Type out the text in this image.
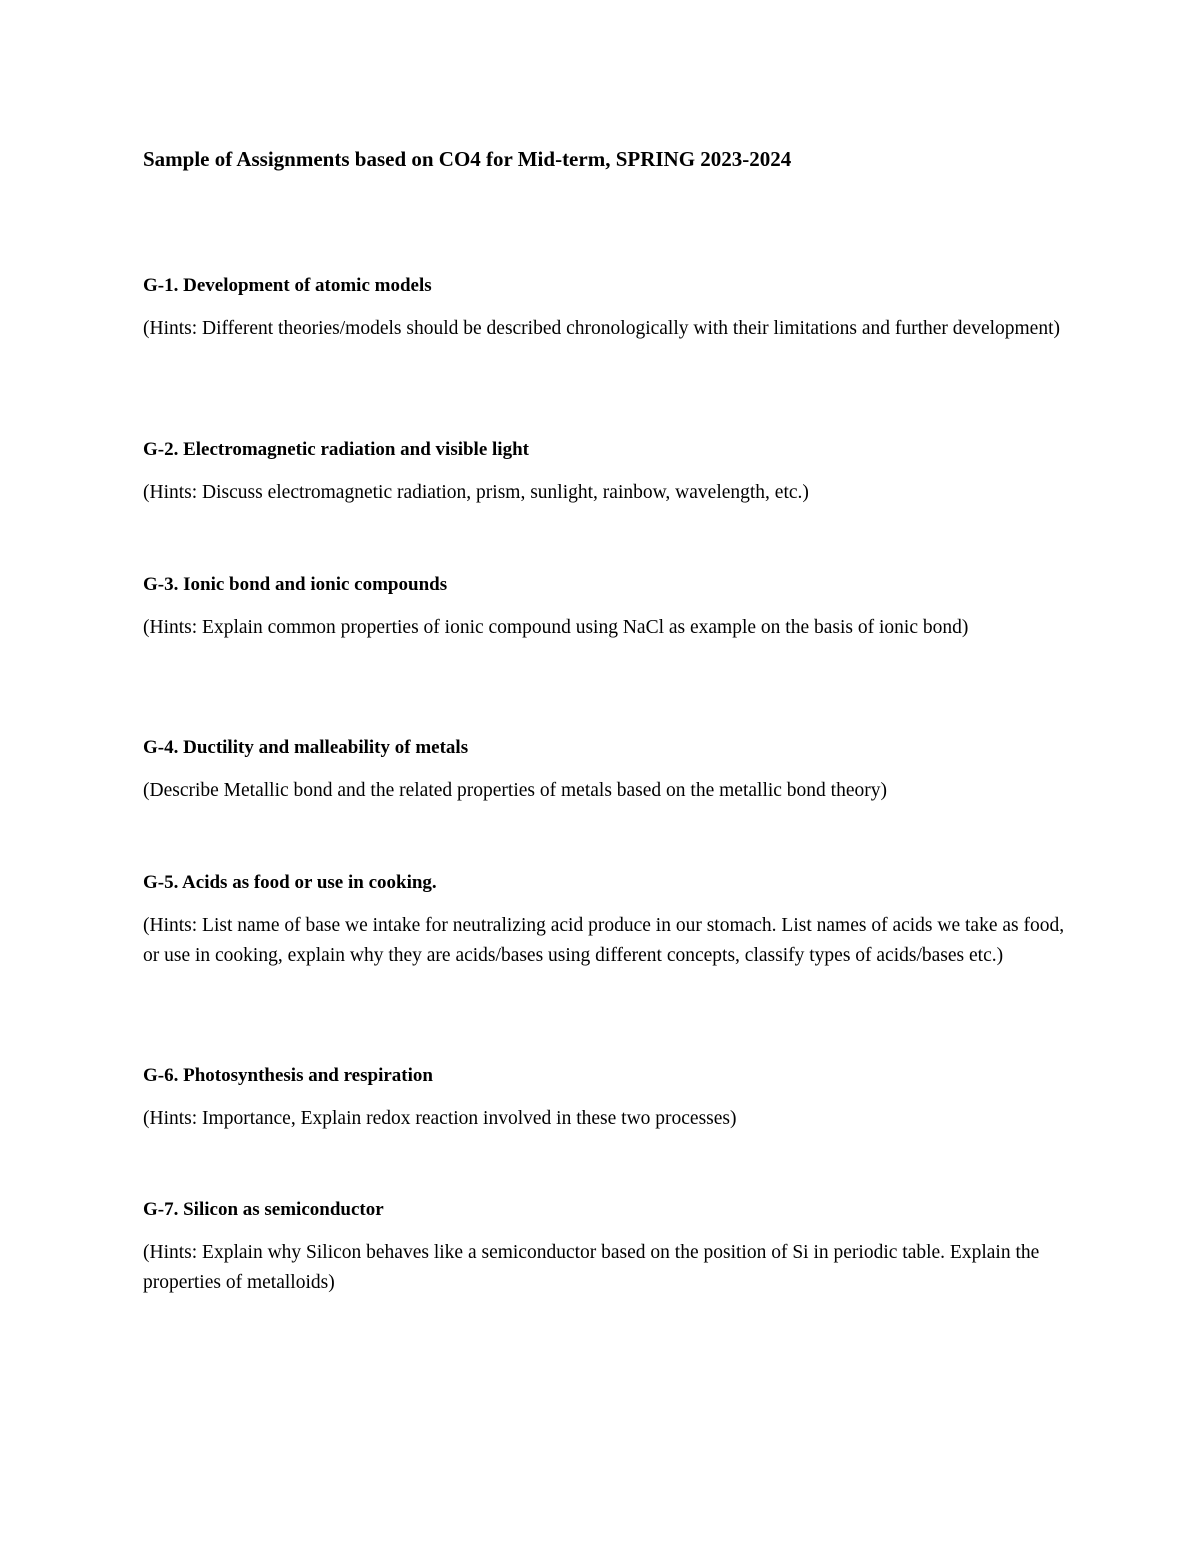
Sample of Assignments based on CO4 for Mid-term, SPRING 2023-2024
G-1. Development of atomic models

(Hints: Different theories/models should be described chronologically with their limitations and further development)

G-2. Electromagnetic radiation and visible light

(Hints: Discuss electromagnetic radiation, prism, sunlight, rainbow, wavelength, etc.)

G-3. Ionic bond and ionic compounds

(Hints: Explain common properties of ionic compound using NaCl as example on the basis of ionic bond)

G-4. Ductility and malleability of metals

(Describe Metallic bond and the related properties of metals based on the metallic bond theory)

G-5. Acids as food or use in cooking.

(Hints: List name of base we intake for neutralizing acid produce in our stomach. List names of acids we take as food, or use in cooking, explain why they are acids/bases using different concepts, classify types of acids/bases etc.)

G-6. Photosynthesis and respiration

(Hints: Importance, Explain redox reaction involved in these two processes)

G-7. Silicon as semiconductor

(Hints: Explain why Silicon behaves like a semiconductor based on the position of Si in periodic table. Explain the properties of metalloids)
